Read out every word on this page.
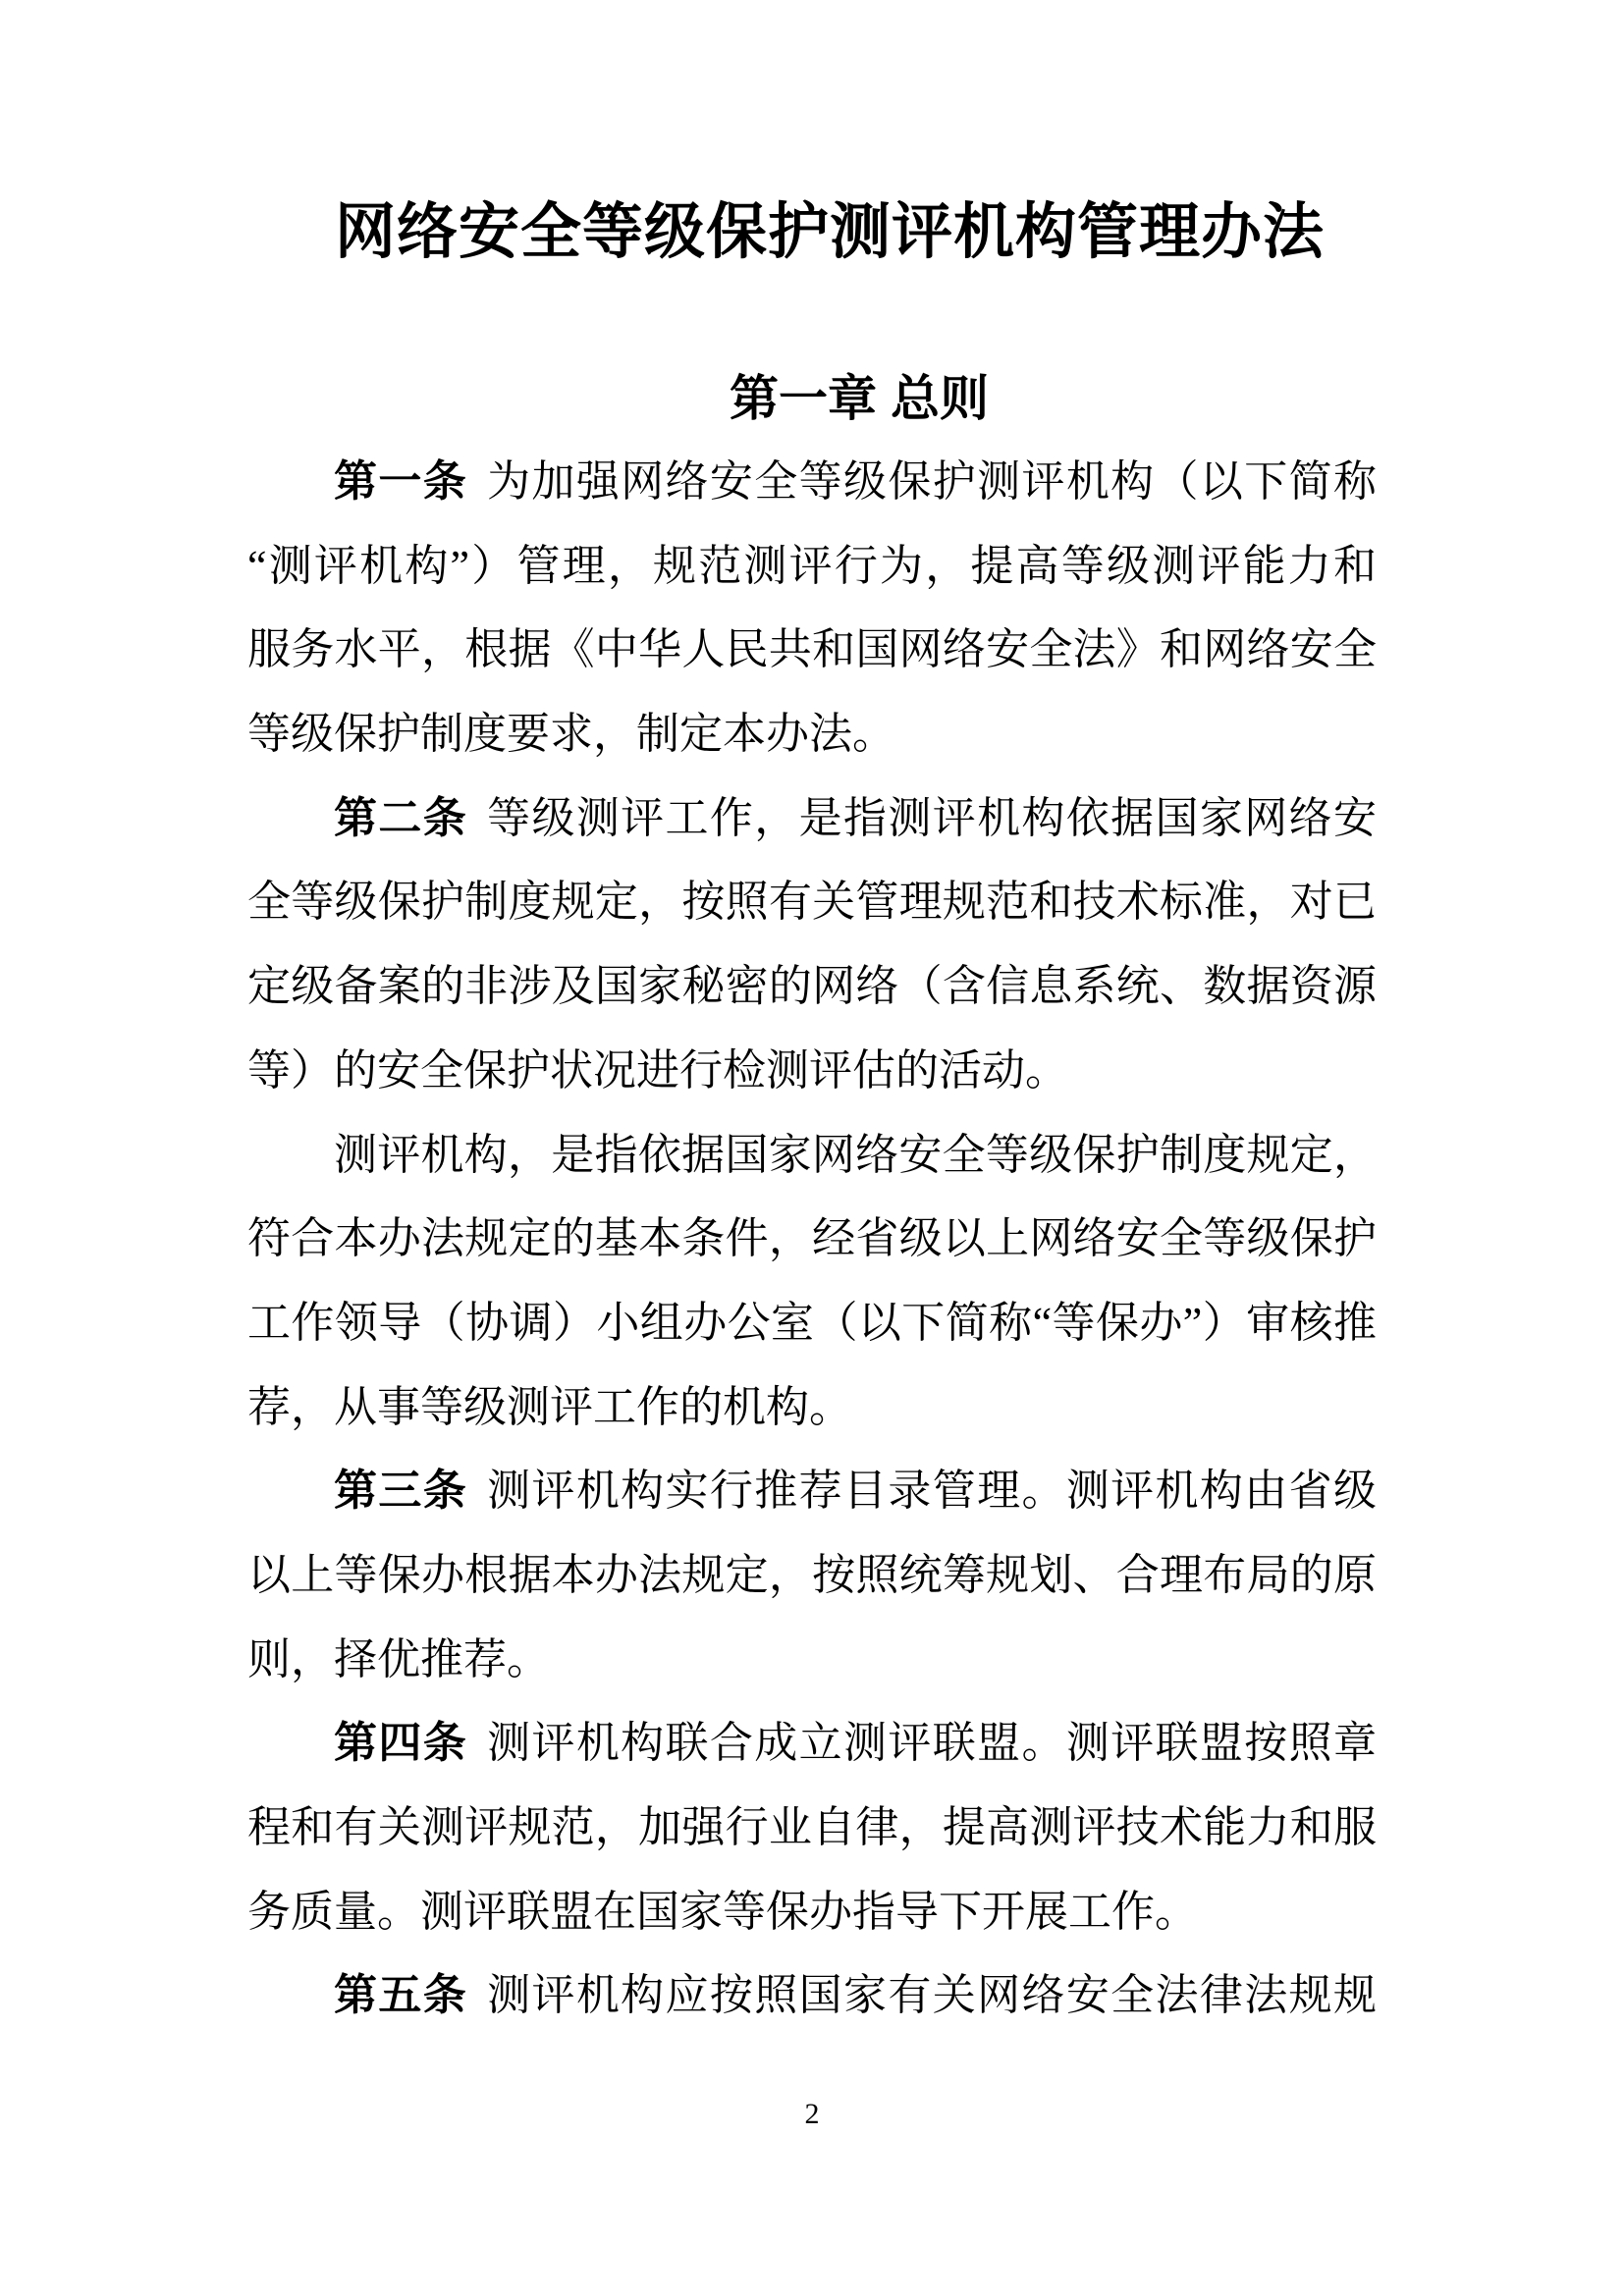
网络安全等级保护测评机构管理办法
第一章 总则
第一条 为加强网络安全等级保护测评机构（以下简称
“测评机构”）管理，规范测评行为，提高等级测评能力和
服务水平，根据《中华人民共和国网络安全法》和网络安全
等级保护制度要求，制定本办法。
第二条 等级测评工作，是指测评机构依据国家网络安
全等级保护制度规定，按照有关管理规范和技术标准，对已
定级备案的非涉及国家秘密的网络（含信息系统、数据资源
等）的安全保护状况进行检测评估的活动。
测评机构，是指依据国家网络安全等级保护制度规定，
符合本办法规定的基本条件，经省级以上网络安全等级保护
工作领导（协调）小组办公室（以下简称“等保办”）审核推
荐，从事等级测评工作的机构。
第三条 测评机构实行推荐目录管理。测评机构由省级
以上等保办根据本办法规定，按照统筹规划、合理布局的原
则，择优推荐。
第四条 测评机构联合成立测评联盟。测评联盟按照章
程和有关测评规范，加强行业自律，提高测评技术能力和服
务质量。测评联盟在国家等保办指导下开展工作。
第五条 测评机构应按照国家有关网络安全法律法规规
2
